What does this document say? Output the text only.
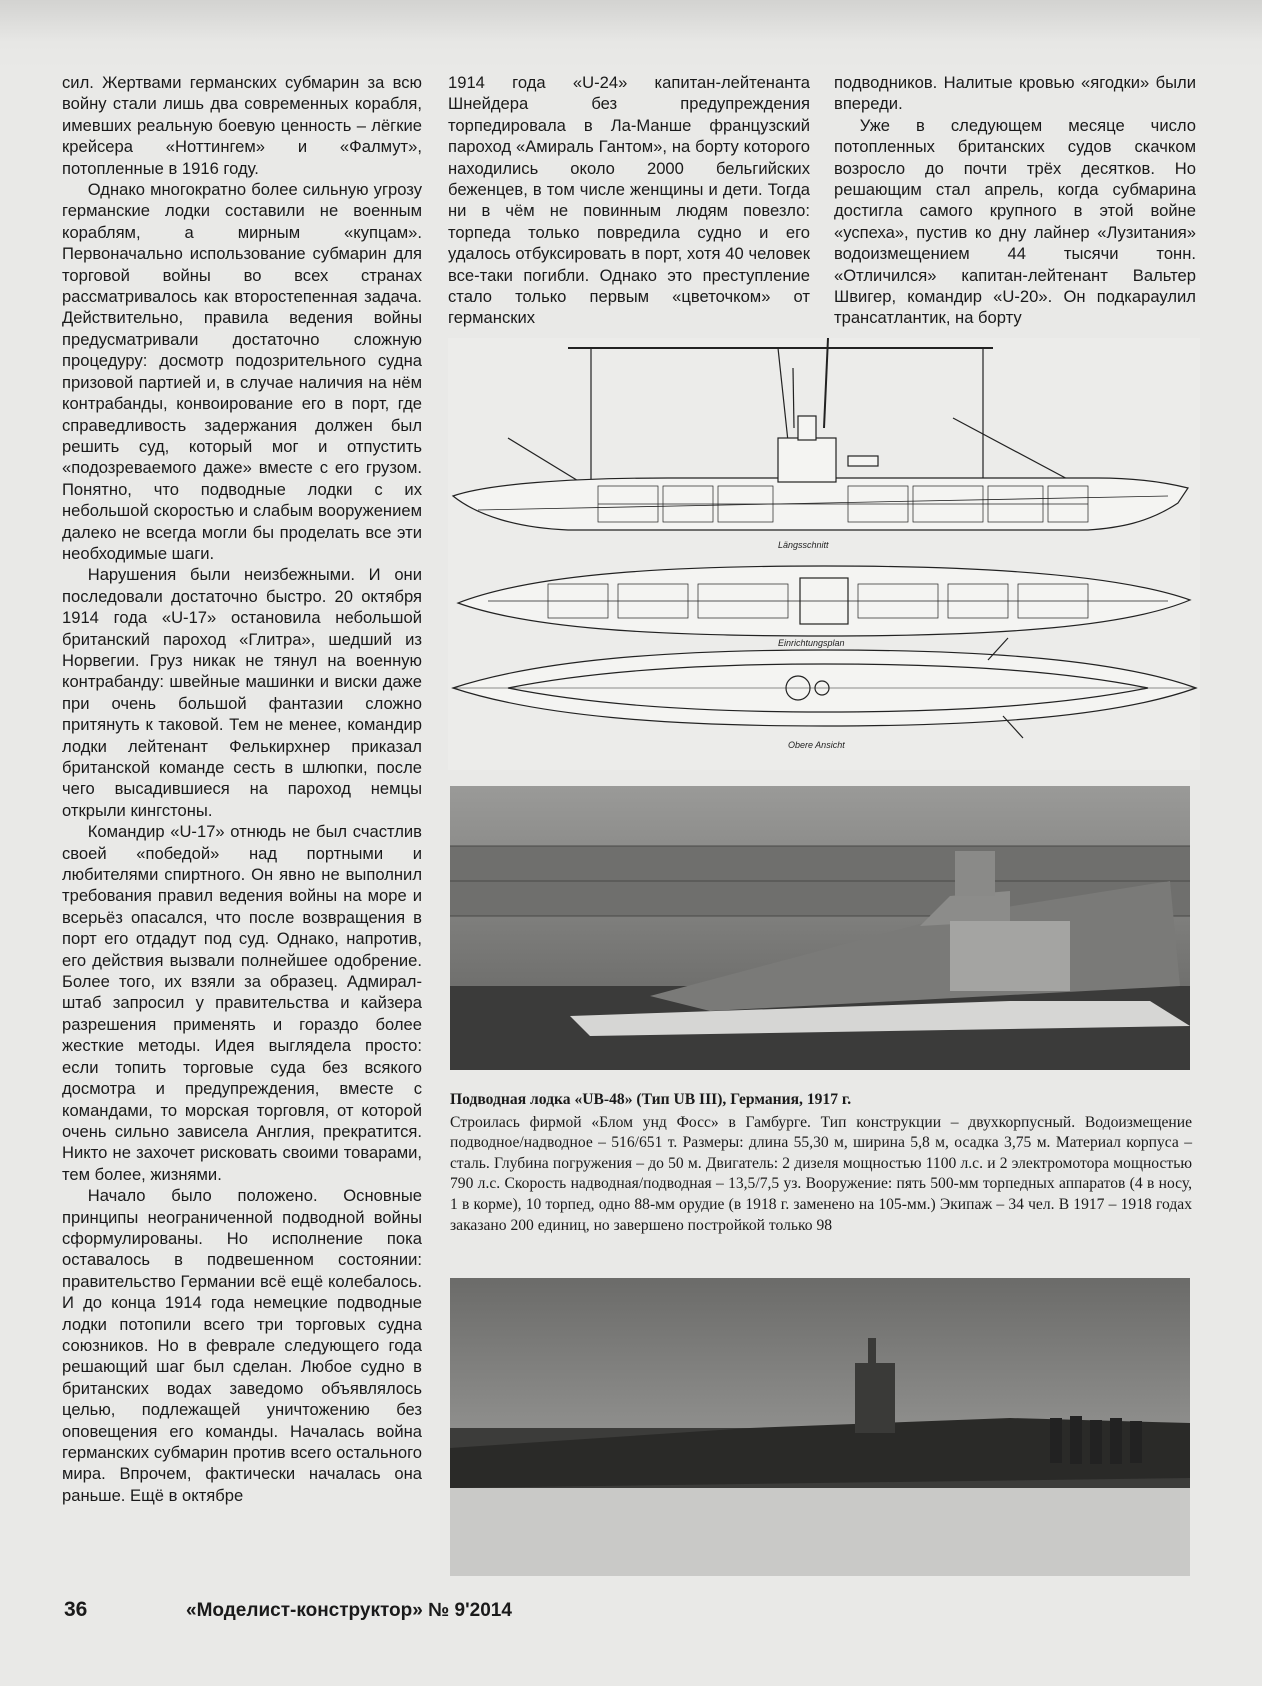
сил. Жертвами германских субмарин за всю войну стали лишь два современных корабля, имевших реальную боевую ценность – лёгкие крейсера «Ноттингем» и «Фалмут», потопленные в 1916 году.

Однако многократно более сильную угрозу германские лодки составили не военным кораблям, а мирным «купцам». Первоначально использование субмарин для торговой войны во всех странах рассматривалось как второстепенная задача. Действительно, правила ведения войны предусматривали достаточно сложную процедуру: досмотр подозрительного судна призовой партией и, в случае наличия на нём контрабанды, конвоирование его в порт, где справедливость задержания должен был решить суд, который мог и отпустить «подозреваемого даже» вместе с его грузом. Понятно, что подводные лодки с их небольшой скоростью и слабым вооружением далеко не всегда могли бы проделать все эти необходимые шаги.

Нарушения были неизбежными. И они последовали достаточно быстро. 20 октября 1914 года «U-17» остановила небольшой британский пароход «Глитра», шедший из Норвегии. Груз никак не тянул на военную контрабанду: швейные машинки и виски даже при очень большой фантазии сложно притянуть к таковой. Тем не менее, командир лодки лейтенант Фелькирхнер приказал британской команде сесть в шлюпки, после чего высадившиеся на пароход немцы открыли кингстоны.

Командир «U-17» отнюдь не был счастлив своей «победой» над портными и любителями спиртного. Он явно не выполнил требования правил ведения войны на море и всерьёз опасался, что после возвращения в порт его отдадут под суд. Однако, напротив, его действия вызвали полнейшее одобрение. Более того, их взяли за образец. Адмирал-штаб запросил у правительства и кайзера разрешения применять и гораздо более жесткие методы. Идея выглядела просто: если топить торговые суда без всякого досмотра и предупреждения, вместе с командами, то морская торговля, от которой очень сильно зависела Англия, прекратится. Никто не захочет рисковать своими товарами, тем более, жизнями.

Начало было положено. Основные принципы неограниченной подводной войны сформулированы. Но исполнение пока оставалось в подвешенном состоянии: правительство Германии всё ещё колебалось. И до конца 1914 года немецкие подводные лодки потопили всего три торговых судна союзников. Но в феврале следующего года решающий шаг был сделан. Любое судно в британских водах заведомо объявлялось целью, подлежащей уничтожению без оповещения его команды. Началась война германских субмарин против всего остального мира. Впрочем, фактически началась она раньше. Ещё в октябре

1914 года «U-24» капитан-лейтенанта Шнейдера без предупреждения торпедировала в Ла-Манше французский пароход «Амираль Гантом», на борту которого находились около 2000 бельгийских беженцев, в том числе женщины и дети. Тогда ни в чём не повинным людям повезло: торпеда только повредила судно и его удалось отбуксировать в порт, хотя 40 человек все-таки погибли. Однако это преступление стало только первым «цветочком» от германских

подводников. Налитые кровью «ягодки» были впереди.

Уже в следующем месяце число потопленных британских судов скачком возросло до почти трёх десятков. Но решающим стал апрель, когда субмарина достигла самого крупного в этой войне «успеха», пустив ко дну лайнер «Лузитания» водоизмещением 44 тысячи тонн. «Отличился» капитан-лейтенант Вальтер Швигер, командир «U-20». Он подкараулил трансатлантик, на борту

Längsschnitt
Einrichtungsplan
Obere Ansicht
Подводная лодка «UB-48» (Тип UB III), Германия, 1917 г.
Строилась фирмой «Блом унд Фосс» в Гамбурге. Тип конструкции – двухкорпусный. Водоизмещение подводное/надводное – 516/651 т. Размеры: длина 55,30 м, ширина 5,8 м, осадка 3,75 м. Материал корпуса – сталь. Глубина погружения – до 50 м. Двигатель: 2 дизеля мощностью 1100 л.с. и 2 электромотора мощностью 790 л.с. Скорость надводная/подводная – 13,5/7,5 уз. Вооружение: пять 500-мм торпедных аппаратов (4 в носу, 1 в корме), 10 торпед, одно 88-мм орудие (в 1918 г. заменено на 105-мм.) Экипаж – 34 чел. В 1917 – 1918 годах заказано 200 единиц, но завершено постройкой только 98
36	«Моделист-конструктор» № 9'2014
